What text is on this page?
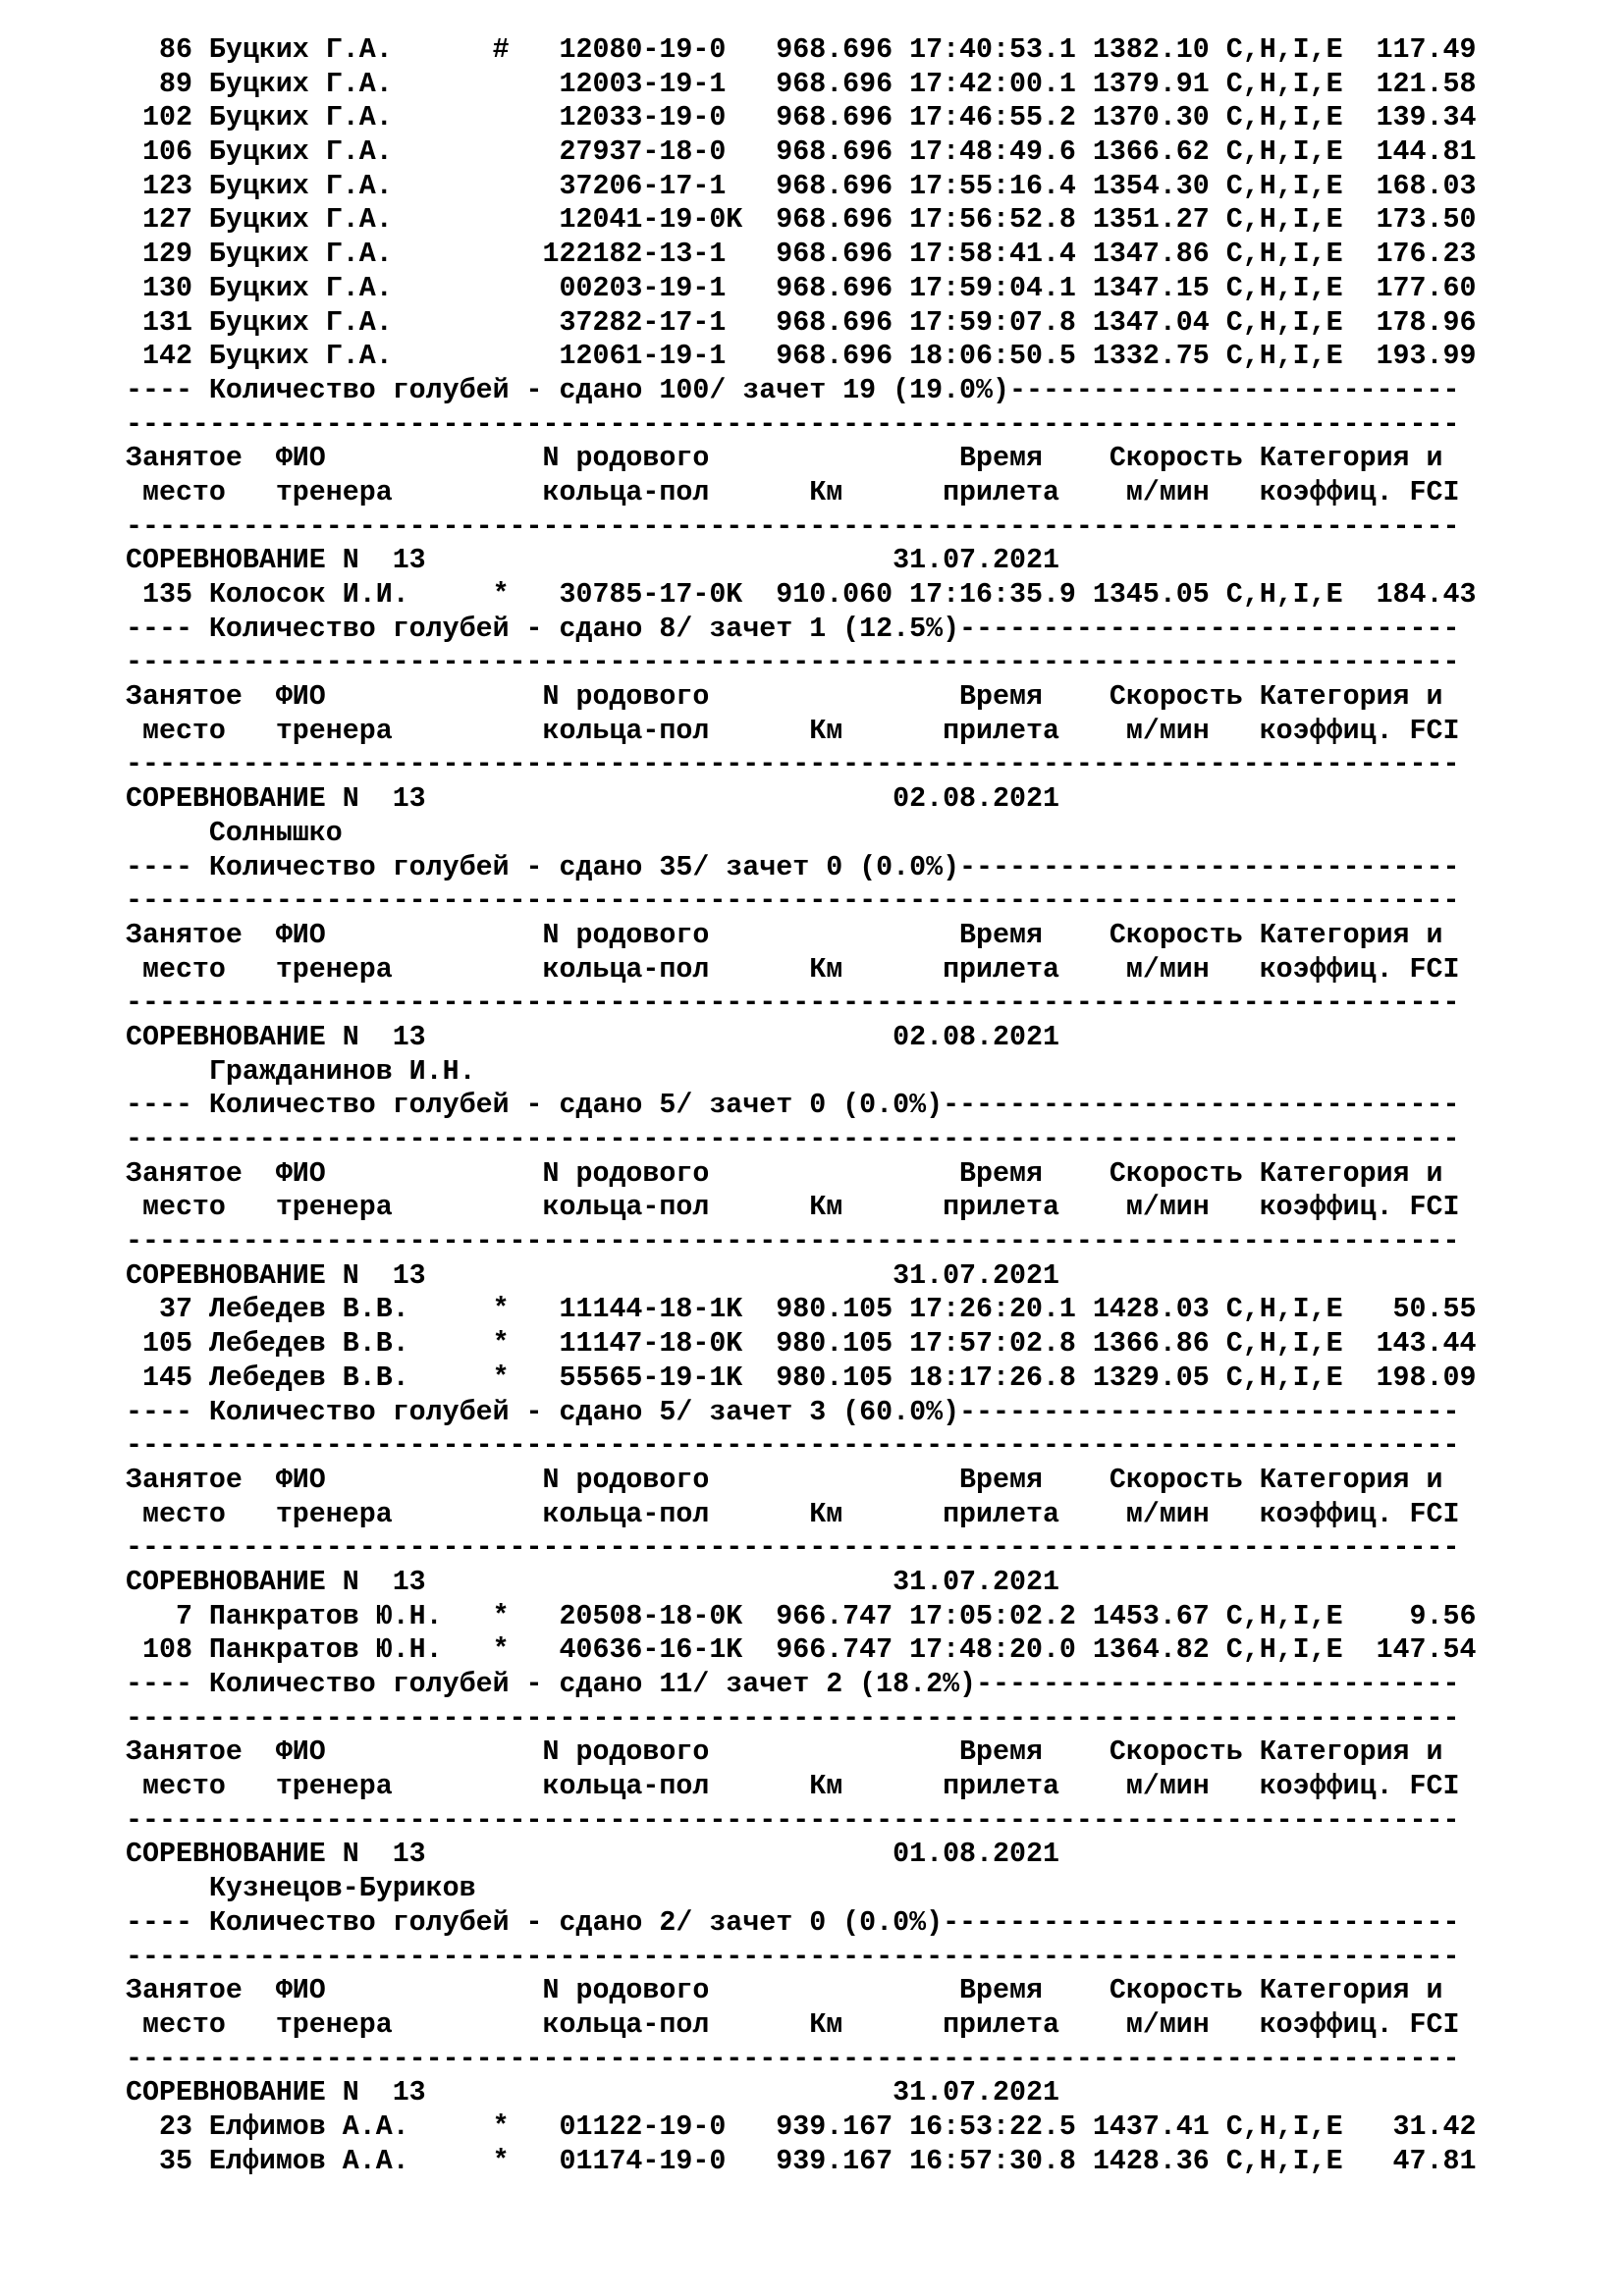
86 Буцких Г.А.      #   12080-19-0   968.696 17:40:53.1 1382.10 C,H,I,E  117.49
89 Буцких Г.А.          12003-19-1   968.696 17:42:00.1 1379.91 C,H,I,E  121.58
102 Буцких Г.А.          12033-19-0   968.696 17:46:55.2 1370.30 C,H,I,E  139.34
106 Буцких Г.А.          27937-18-0   968.696 17:48:49.6 1366.62 C,H,I,E  144.81
123 Буцких Г.А.          37206-17-1   968.696 17:55:16.4 1354.30 C,H,I,E  168.03
127 Буцких Г.А.          12041-19-0K  968.696 17:56:52.8 1351.27 C,H,I,E  173.50
129 Буцких Г.А.         122182-13-1   968.696 17:58:41.4 1347.86 C,H,I,E  176.23
130 Буцких Г.А.          00203-19-1   968.696 17:59:04.1 1347.15 C,H,I,E  177.60
131 Буцких Г.А.          37282-17-1   968.696 17:59:07.8 1347.04 C,H,I,E  178.96
142 Буцких Г.А.          12061-19-1   968.696 18:06:50.5 1332.75 C,H,I,E  193.99
---- Количество голубей - сдано 100/ зачет 19 (19.0%)---------------------------
--------------------------------------------------------------------------------
Занятое  ФИО             N родового               Время    Скорость Категория и
место   тренера         кольца-пол      Км      прилета    м/мин   коэффиц. FCI
--------------------------------------------------------------------------------
СОРЕВНОВАНИЕ N  13                            31.07.2021
135 Колосок И.И.     *   30785-17-0K  910.060 17:16:35.9 1345.05 C,H,I,E  184.43
---- Количество голубей - сдано 8/ зачет 1 (12.5%)------------------------------
--------------------------------------------------------------------------------
Занятое  ФИО             N родового               Время    Скорость Категория и
место   тренера         кольца-пол      Км      прилета    м/мин   коэффиц. FCI
--------------------------------------------------------------------------------
СОРЕВНОВАНИЕ N  13                            02.08.2021
Солнышко
---- Количество голубей - сдано 35/ зачет 0 (0.0%)------------------------------
--------------------------------------------------------------------------------
Занятое  ФИО             N родового               Время    Скорость Категория и
место   тренера         кольца-пол      Км      прилета    м/мин   коэффиц. FCI
--------------------------------------------------------------------------------
СОРЕВНОВАНИЕ N  13                            02.08.2021
Гражданинов И.Н.
---- Количество голубей - сдано 5/ зачет 0 (0.0%)-------------------------------
--------------------------------------------------------------------------------
Занятое  ФИО             N родового               Время    Скорость Категория и
место   тренера         кольца-пол      Км      прилета    м/мин   коэффиц. FCI
--------------------------------------------------------------------------------
СОРЕВНОВАНИЕ N  13                            31.07.2021
37 Лебедев В.В.     *   11144-18-1K  980.105 17:26:20.1 1428.03 C,H,I,E   50.55
105 Лебедев В.В.     *   11147-18-0K  980.105 17:57:02.8 1366.86 C,H,I,E  143.44
145 Лебедев В.В.     *   55565-19-1K  980.105 18:17:26.8 1329.05 C,H,I,E  198.09
---- Количество голубей - сдано 5/ зачет 3 (60.0%)------------------------------
--------------------------------------------------------------------------------
Занятое  ФИО             N родового               Время    Скорость Категория и
место   тренера         кольца-пол      Км      прилета    м/мин   коэффиц. FCI
--------------------------------------------------------------------------------
СОРЕВНОВАНИЕ N  13                            31.07.2021
7 Панкратов Ю.Н.   *   20508-18-0K  966.747 17:05:02.2 1453.67 C,H,I,E    9.56
108 Панкратов Ю.Н.   *   40636-16-1K  966.747 17:48:20.0 1364.82 C,H,I,E  147.54
---- Количество голубей - сдано 11/ зачет 2 (18.2%)-----------------------------
--------------------------------------------------------------------------------
Занятое  ФИО             N родового               Время    Скорость Категория и
место   тренера         кольца-пол      Км      прилета    м/мин   коэффиц. FCI
--------------------------------------------------------------------------------
СОРЕВНОВАНИЕ N  13                            01.08.2021
Кузнецов-Буриков
---- Количество голубей - сдано 2/ зачет 0 (0.0%)-------------------------------
--------------------------------------------------------------------------------
Занятое  ФИО             N родового               Время    Скорость Категория и
место   тренера         кольца-пол      Км      прилета    м/мин   коэффиц. FCI
--------------------------------------------------------------------------------
СОРЕВНОВАНИЕ N  13                            31.07.2021
23 Елфимов А.А.     *   01122-19-0   939.167 16:53:22.5 1437.41 C,H,I,E   31.42
35 Елфимов А.А.     *   01174-19-0   939.167 16:57:30.8 1428.36 C,H,I,E   47.81
